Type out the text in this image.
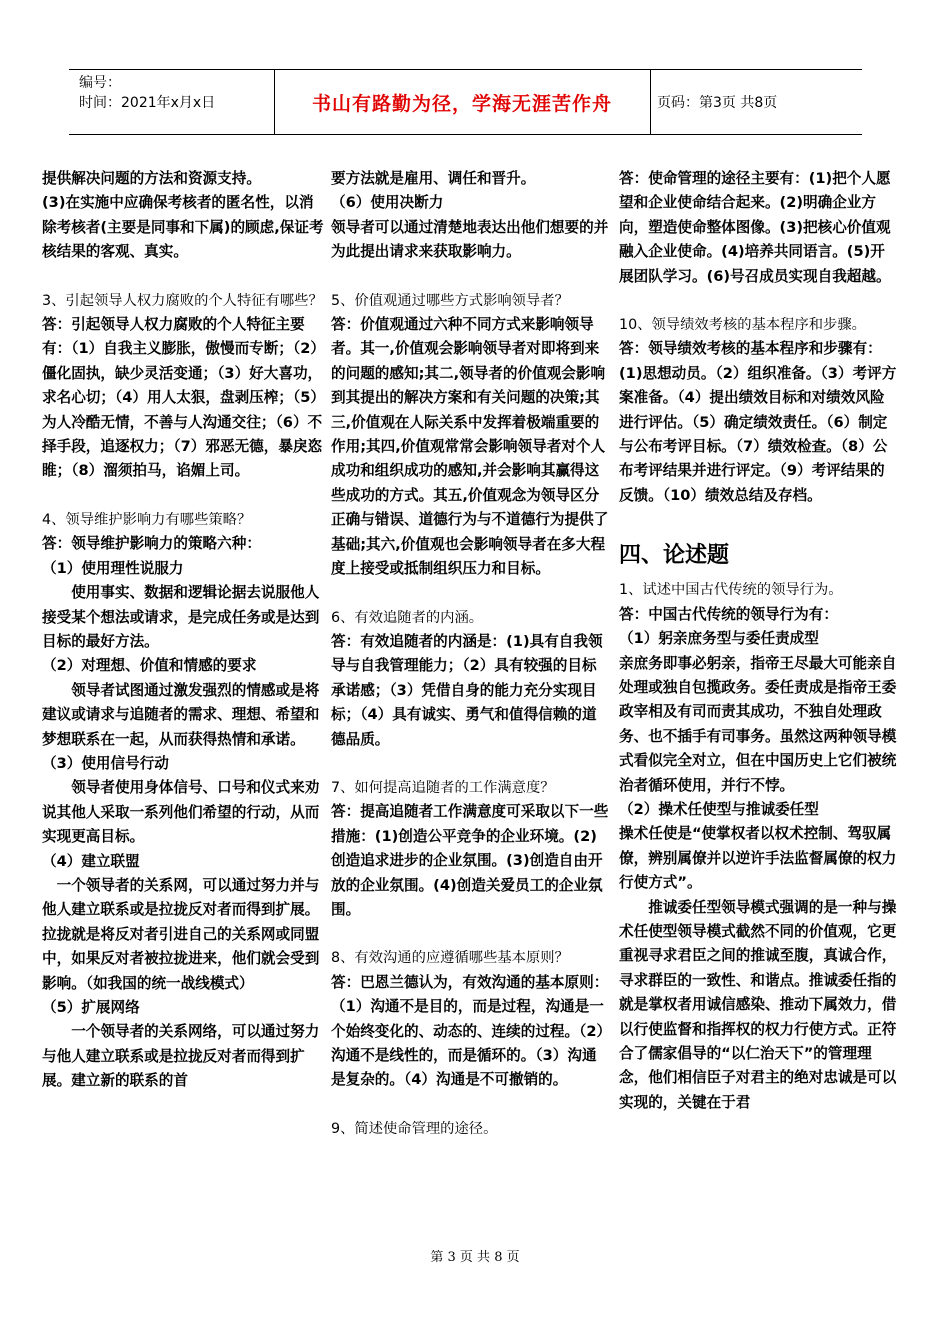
编号：
时间：2021年x月x日	书山有路勤为径，学海无涯苦作舟	页码：第3页 共8页

提供解决问题的方法和资源支持。

(3)在实施中应确保考核者的匿名性，以消除考核者(主要是同事和下属)的顾虑,保证考核结果的客观、真实。

3、引起领导人权力腐败的个人特征有哪些？

答：引起领导人权力腐败的个人特征主要有：（1）自我主义膨胀，傲慢而专断；（2）僵化固执，缺少灵活变通；（3）好大喜功，求名心切；（4）用人太狠，盘剥压榨；（5）为人冷酷无情，不善与人沟通交往；（6）不择手段，追逐权力；（7）邪恶无德，暴戾恣睢；（8）溜须拍马，谄媚上司。

4、领导维护影响力有哪些策略？

答：领导维护影响力的策略六种：

（1）使用理性说服力

使用事实、数据和逻辑论据去说服他人接受某个想法或请求，是完成任务或是达到目标的最好方法。

（2）对理想、价值和情感的要求

领导者试图通过激发强烈的情感或是将建议或请求与追随者的需求、理想、希望和梦想联系在一起，从而获得热情和承诺。

（3）使用信号行动

领导者使用身体信号、口号和仪式来劝说其他人采取一系列他们希望的行动，从而实现更高目标。

（4）建立联盟

一个领导者的关系网，可以通过努力并与他人建立联系或是拉拢反对者而得到扩展。拉拢就是将反对者引进自己的关系网或同盟中，如果反对者被拉拢进来，他们就会受到影响。（如我国的统一战线模式）

（5）扩展网络

一个领导者的关系网络，可以通过努力与他人建立联系或是拉拢反对者而得到扩展。建立新的联系的首

要方法就是雇用、调任和晋升。

（6）使用决断力

领导者可以通过清楚地表达出他们想要的并为此提出请求来获取影响力。

5、价值观通过哪些方式影响领导者？

答：价值观通过六种不同方式来影响领导者。其一,价值观会影响领导者对即将到来的问题的感知;其二,领导者的价值观会影响到其提出的解决方案和有关问题的决策;其三,价值观在人际关系中发挥着极端重要的作用;其四,价值观常常会影响领导者对个人成功和组织成功的感知,并会影响其赢得这些成功的方式。其五,价值观念为领导区分正确与错误、道德行为与不道德行为提供了基础;其六,价值观也会影响领导者在多大程度上接受或抵制组织压力和目标。

6、有效追随者的内涵。

答：有效追随者的内涵是：(1)具有自我领导与自我管理能力；（2）具有较强的目标承诺感；（3）凭借自身的能力充分实现目标；（4）具有诚实、勇气和值得信赖的道德品质。

7、如何提高追随者的工作满意度？

答：提高追随者工作满意度可采取以下一些措施：(1)创造公平竞争的企业环境。(2)创造追求进步的企业氛围。(3)创造自由开放的企业氛围。(4)创造关爱员工的企业氛围。

8、有效沟通的应遵循哪些基本原则？

答：巴恩兰德认为，有效沟通的基本原则：（1）沟通不是目的，而是过程，沟通是一个始终变化的、动态的、连续的过程。（2）沟通不是线性的，而是循环的。（3）沟通是复杂的。（4）沟通是不可撤销的。

9、简述使命管理的途径。

答：使命管理的途径主要有：(1)把个人愿望和企业使命结合起来。(2)明确企业方向，塑造使命整体图像。(3)把核心价值观融入企业使命。(4)培养共同语言。(5)开展团队学习。(6)号召成员实现自我超越。

10、领导绩效考核的基本程序和步骤。

答：领导绩效考核的基本程序和步骤有：(1)思想动员。（2）组织准备。（3）考评方案准备。（4）提出绩效目标和对绩效风险进行评估。（5）确定绩效责任。（6）制定与公布考评目标。（7）绩效检查。（8）公布考评结果并进行评定。（9）考评结果的反馈。（10）绩效总结及存档。

四、论述题

1、试述中国古代传统的领导行为。

答：中国古代传统的领导行为有：

（1）躬亲庶务型与委任责成型

亲庶务即事必躬亲，指帝王尽最大可能亲自处理或独自包揽政务。委任责成是指帝王委政宰相及有司而责其成功，不独自处理政务、也不插手有司事务。虽然这两种领导模式看似完全对立，但在中国历史上它们被统治者循环使用，并行不悖。

（2）操术任使型与推诚委任型

操术任使是“使掌权者以权术控制、驾驭属僚，辨别属僚并以逆许手法监督属僚的权力行使方式”。

推诚委任型领导模式强调的是一种与操术任使型领导模式截然不同的价值观，它更重视寻求君臣之间的推诚至腹，真诚合作，寻求群臣的一致性、和谐点。推诚委任指的就是掌权者用诚信感染、推动下属效力，借以行使监督和指挥权的权力行使方式。正符合了儒家倡导的“以仁治天下”的管理理念，他们相信臣子对君主的绝对忠诚是可以实现的，关键在于君

第 3 页 共 8 页
